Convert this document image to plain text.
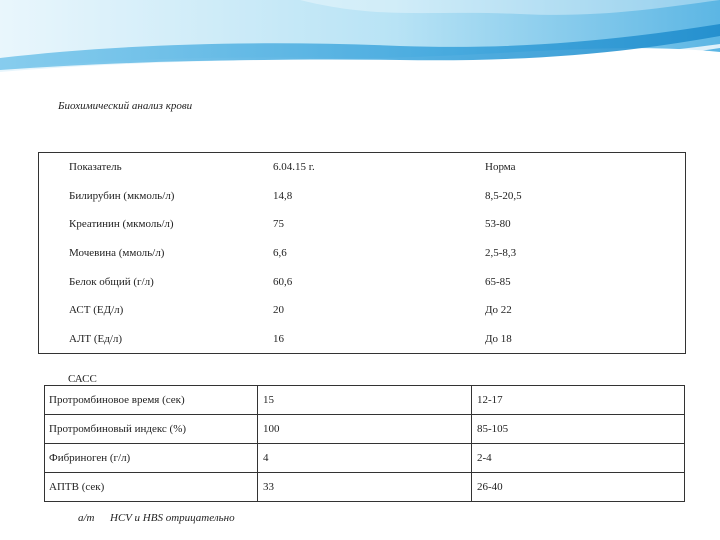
Биохимический анализ крови
Показатель	6.04.15 г.	Норма
Билирубин (мкмоль/л)	14,8	8,5-20,5
Креатинин (мкмоль/л)	75	53-80
Мочевина (ммоль/л)	6,6	2,5-8,3
Белок общий (г/л)	60,6	65-85
АСТ (ЕД/л)	20	До 22
АЛТ (Ед/л)	16	До 18
САСС
Протромбиновое время (сек)	15	12-17
Протромбиновый индекс (%)	100	85-105
Фибриноген (г/л)	4	2-4
АПТВ (сек)	33	26-40
a/m HCV и HBS отрицательно
